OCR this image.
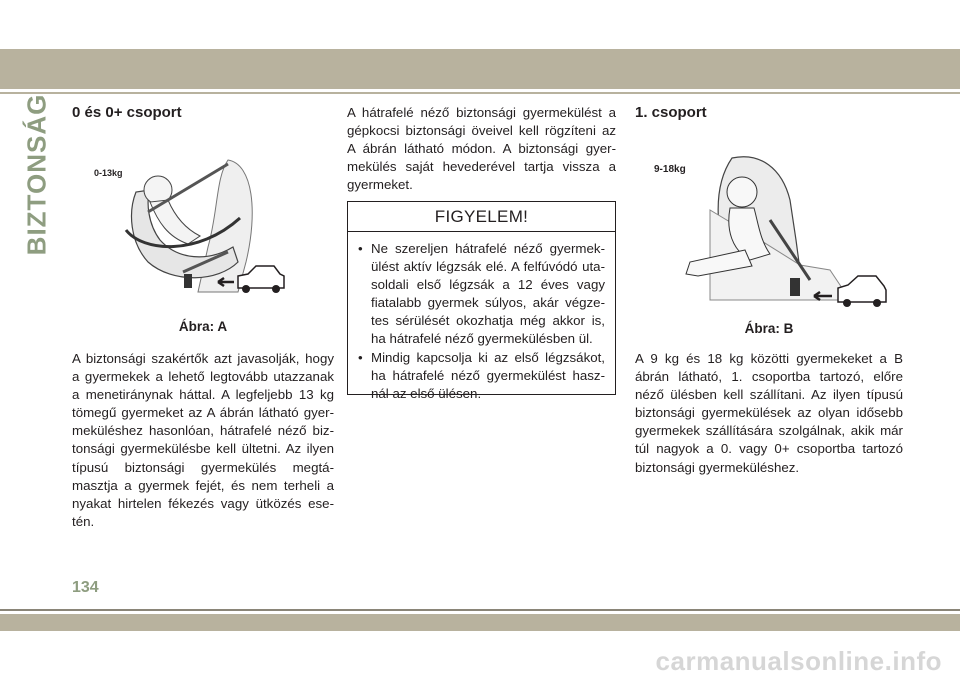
BIZTONSÁG 0 és 0+ csoport
0-13kg
Ábra: A

A biztonsági szakértők azt javasolják, hogy a gyermekek a lehető legtovább utazzanak a menetiránynak háttal. A legfeljebb 13 kg tömegű gyermeket az A ábrán látható gyermeküléshez hasonlóan, hátrafelé néző biztonsági gyermekülésbe kell ültetni. Az ilyen típusú biztonsági gyermekülés megtámasztja a gyermek fejét, és nem terheli a nyakat hirtelen fékezés vagy ütközés esetén.

A hátrafelé néző biztonsági gyermekülést a gépkocsi biztonsági öveivel kell rögzíteni az A ábrán látható módon. A biztonsági gyermekülés saját hevederével tartja vissza a gyermeket.

FIGYELEM!
• Ne szereljen hátrafelé néző gyermekülést aktív légzsák elé. A felfúvódó utasoldali első légzsák a 12 éves vagy fiatalabb gyermek súlyos, akár végzetes sérülését okozhatja még akkor is, ha hátrafelé néző gyermekülésben ül.
• Mindig kapcsolja ki az első légzsákot, ha hátrafelé néző gyermekülést használ az első ülésen.
1. csoport
9-18kg
Ábra: B

A 9 kg és 18 kg közötti gyermekeket a B ábrán látható, 1. csoportba tartozó, előre néző ülésben kell szállítani. Az ilyen típusú biztonsági gyermekülések az olyan idősebb gyermekek szállítására szolgálnak, akik már túl nagyok a 0. vagy 0+ csoportba tartozó biztonsági gyermeküléshez.

134
carmanualsonline.info
